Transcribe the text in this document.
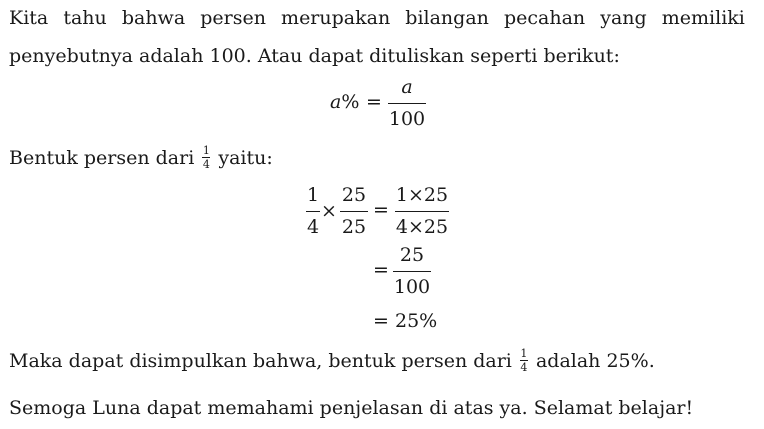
Kita tahu bahwa persen merupakan bilangan pecahan yang memiliki
penyebutnya adalah 100. Atau dapat dituliskan seperti berikut:
a% =
a
100
Bentuk persen dari $\frac{1}{4}$ yaitu:
1
4
×
25
25
=
1×25
4×25
=
25
100
= 25%
Maka dapat disimpulkan bahwa, bentuk persen dari $\frac{1}{4}$ adalah 25%.
Semoga Luna dapat memahami penjelasan di atas ya. Selamat belajar!
